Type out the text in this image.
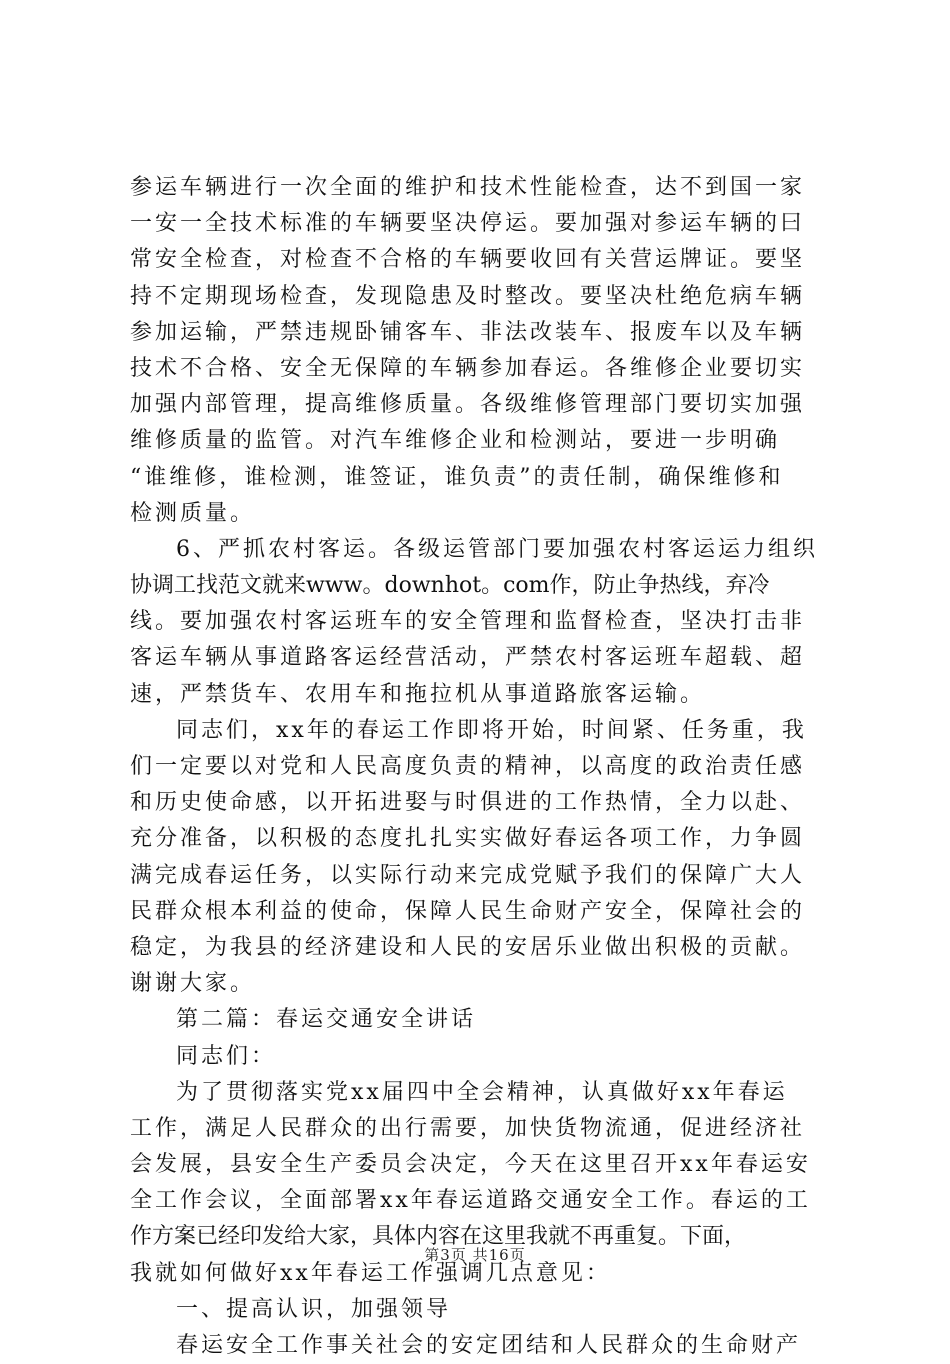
参运车辆进行一次全面的维护和技术性能检查，达不到国一家
一安一全技术标准的车辆要坚决停运。要加强对参运车辆的曰
常安全检查，对检查不合格的车辆要收回有关营运牌证。要坚
持不定期现场检查，发现隐患及时整改。要坚决杜绝危病车辆
参加运输，严禁违规卧铺客车、非法改装车、报废车以及车辆
技术不合格、安全无保障的车辆参加春运。各维修企业要切实
加强内部管理，提高维修质量。各级维修管理部门要切实加强
维修质量的监管。对汽车维修企业和检测站，要进一步明确
“谁维修，谁检测，谁签证，谁负责”的责任制，确保维修和
检测质量。
6、严抓农村客运。各级运管部门要加强农村客运运力组织
协调工找范文就来www。downhot。com作，防止争热线，弃冷
线。要加强农村客运班车的安全管理和监督检查，坚决打击非
客运车辆从事道路客运经营活动，严禁农村客运班车超载、超
速，严禁货车、农用车和拖拉机从事道路旅客运输。
同志们，xx年的春运工作即将开始，时间紧、任务重，我
们一定要以对党和人民高度负责的精神，以高度的政治责任感
和历史使命感，以开拓进娶与时俱进的工作热情，全力以赴、
充分准备，以积极的态度扎扎实实做好春运各项工作，力争圆
满完成春运任务，以实际行动来完成党赋予我们的保障广大人
民群众根本利益的使命，保障人民生命财产安全，保障社会的
稳定，为我县的经济建设和人民的安居乐业做出积极的贡献。
谢谢大家。
第二篇：春运交通安全讲话
同志们：
为了贯彻落实党xx届四中全会精神，认真做好xx年春运
工作，满足人民群众的出行需要，加快货物流通，促进经济社
会发展，县安全生产委员会决定，今天在这里召开xx年春运安
全工作会议，全面部署xx年春运道路交通安全工作。春运的工
作方案已经印发给大家，具体内容在这里我就不再重复。下面，
我就如何做好xx年春运工作强调几点意见：
一、提高认识，加强领导
春运安全工作事关社会的安定团结和人民群众的生命财产
第3页 共16页
